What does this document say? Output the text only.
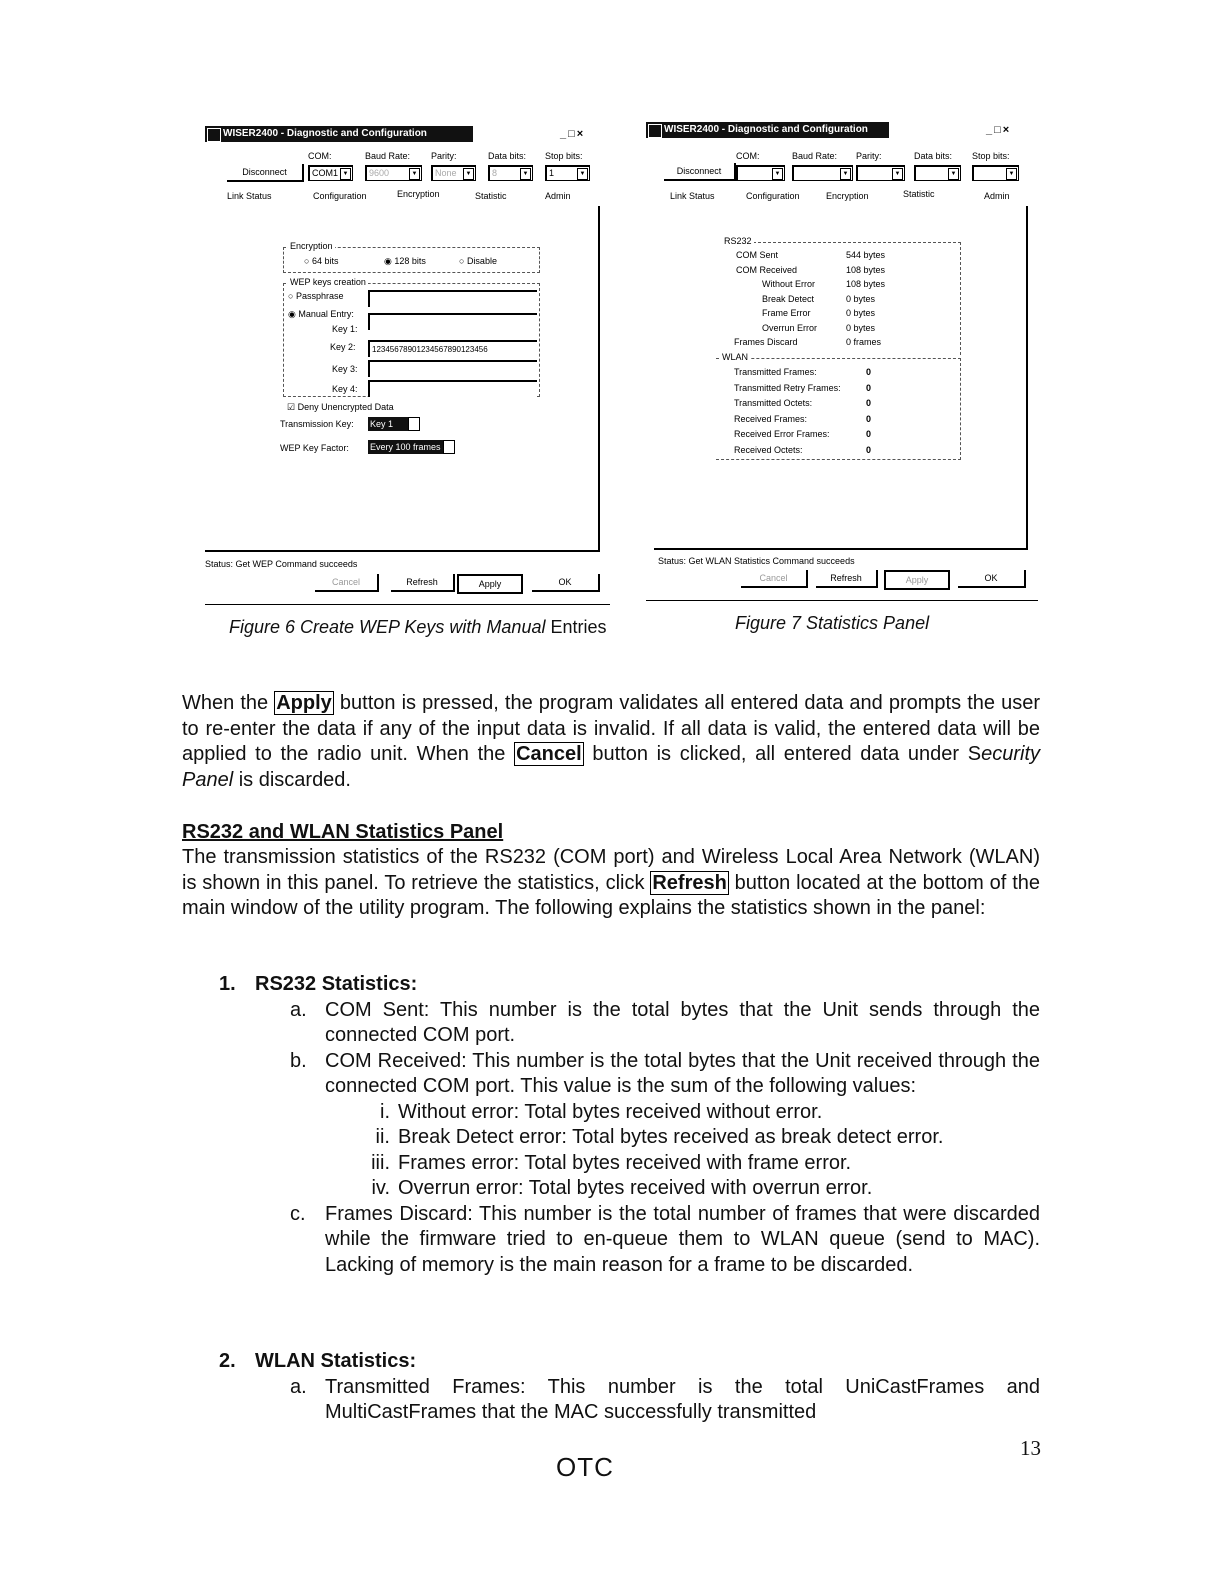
WISER2400 - Diagnostic and Configuration	_□×
COM:	Baud Rate: Parity:	Data bits: Stop bits:
Disconnect	COM1 ▼	9600	▼	None	▼	8	▼	1	▼
Link Status	Configuration	Encryption	Statistic	Admin
Encryption
○ 64 bits	◉ 128 bits	○ Disable
WEP keys creation
○ Passphrase
◉ Manual Entry:
Key 1:
Key 2:	12345678901234567890123456
Key 3:
Key 4:
☑ Deny Unencrypted Data
Transmission Key: Key 1
WEP Key Factor: Every 100 frames
Status: Get WEP Command succeeds
Cancel	Refresh	Apply	OK
Figure 6 Create WEP Keys with Manual Entries
WISER2400 - Diagnostic and Configuration	_□×
COM:	Baud Rate: Parity:	Data bits: Stop bits:
Disconnect	▼	▼	▼	▼	▼
Link Status	Configuration	Encryption	Statistic	Admin
RS232
COM Sent	544 bytes
COM Received	108 bytes
Without Error	108 bytes
Break Detect	0 bytes
Frame Error	0 bytes
Overrun Error	0 bytes
Frames Discard	0 frames
WLAN
Transmitted Frames:	0
Transmitted Retry Frames:	0
Transmitted Octets:	0
Received Frames:	0
Received Error Frames:	0
Received Octets:	0
Status: Get WLAN Statistics Command succeeds
Cancel	Refresh	Apply	OK
Figure 7 Statistics Panel
When the Apply button is pressed, the program validates all entered data and prompts the user to re-enter the data if any of the input data is invalid. If all data is valid, the entered data will be applied to the radio unit. When the Cancel button is clicked, all entered data under Security Panel is discarded.
RS232 and WLAN Statistics Panel
The transmission statistics of the RS232 (COM port) and Wireless Local Area Network (WLAN) is shown in this panel. To retrieve the statistics, click Refresh button located at the bottom of the main window of the utility program. The following explains the statistics shown in the panel:
1. RS232 Statistics:
a. COM Sent: This number is the total bytes that the Unit sends through the connected COM port.
b. COM Received: This number is the total bytes that the Unit received through the connected COM port. This value is the sum of the following values:
i. Without error: Total bytes received without error.
ii. Break Detect error: Total bytes received as break detect error.
iii. Frames error: Total bytes received with frame error.
iv. Overrun error: Total bytes received with overrun error.
c. Frames Discard: This number is the total number of frames that were discarded while the firmware tried to en-queue them to WLAN queue (send to MAC). Lacking of memory is the main reason for a frame to be discarded.
2. WLAN Statistics:
a. Transmitted Frames: This number is the total UniCastFrames and MultiCastFrames that the MAC successfully transmitted
13
OTC
